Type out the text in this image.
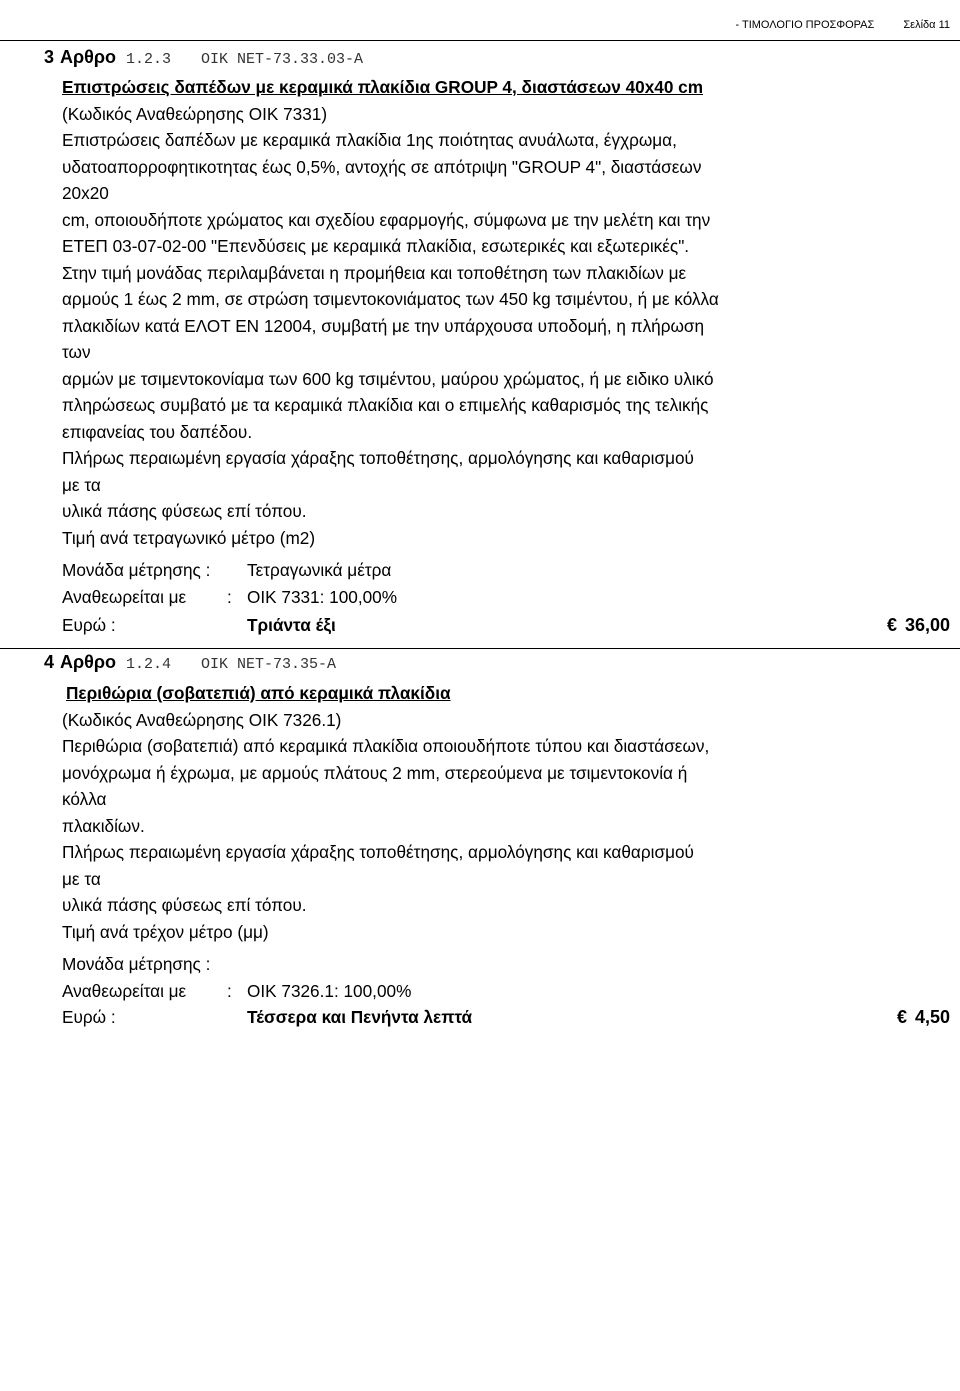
- ΤΙΜΟΛΟΓΙΟ ΠΡΟΣΦΟΡΑΣ	Σελίδα 11
3 Αρθρο 1.2.3 ΟΙΚ NET-73.33.03-Α
Επιστρώσεις δαπέδων με κεραμικά πλακίδια GROUP 4, διαστάσεων 40x40 cm
(Κωδικός Αναθεώρησης ΟΙΚ 7331)
Επιστρώσεις δαπέδων με κεραμικά πλακίδια 1ης ποιότητας ανυάλωτα, έγχρωμα,
υδατοαπορροφητικοτητας έως 0,5%, αντοχής σε απότριψη "GROUP 4", διαστάσεων
20x20
cm, οποιουδήποτε χρώματος και σχεδίου εφαρμογής, σύμφωνα με την μελέτη και την
ΕΤΕΠ 03-07-02-00 "Επενδύσεις με κεραμικά πλακίδια, εσωτερικές και εξωτερικές".
Στην τιμή μονάδας περιλαμβάνεται η προμήθεια και τοποθέτηση των πλακιδίων με
αρμούς 1 έως 2 mm, σε στρώση τσιμεντοκονιάματος των 450 kg τσιμέντου, ή με κόλλα
πλακιδίων κατά ΕΛΟΤ ΕΝ 12004, συμβατή με την υπάρχουσα υποδομή, η πλήρωση
των
αρμών με τσιμεντοκονίαμα των 600 kg τσιμέντου, μαύρου χρώματος, ή με ειδικο υλικό
πληρώσεως συμβατό με τα κεραμικά πλακίδια και ο επιμελής καθαρισμός της τελικής
επιφανείας του δαπέδου.
Πλήρως περαιωμένη εργασία χάραξης τοποθέτησης, αρμολόγησης και καθαρισμού
με τα
υλικά πάσης φύσεως επί τόπου.
Τιμή ανά τετραγωνικό μέτρο (m2)
Μονάδα μέτρησης :	Τετραγωνικά μέτρα
Αναθεωρείται με	: ΟΙΚ 7331: 100,00%
Ευρώ :	Τριάντα έξι	€ 36,00
4 Αρθρο 1.2.4 ΟΙΚ NET-73.35-Α
Περιθώρια (σοβατεπιά) από κεραμικά πλακίδια
(Κωδικός Αναθεώρησης ΟΙΚ 7326.1)
Περιθώρια (σοβατεπιά) από κεραμικά πλακίδια οποιουδήποτε τύπου και διαστάσεων,
μονόχρωμα ή έχρωμα, με αρμούς πλάτους 2 mm, στερεούμενα με τσιμεντοκονία ή
κόλλα
πλακιδίων.
Πλήρως περαιωμένη εργασία χάραξης τοποθέτησης, αρμολόγησης και καθαρισμού
με τα
υλικά πάσης φύσεως επί τόπου.
Τιμή ανά τρέχον μέτρο (μμ)
Μονάδα μέτρησης :
Αναθεωρείται με	: ΟΙΚ 7326.1: 100,00%
Ευρώ :	Τέσσερα και Πενήντα λεπτά	€ 4,50
